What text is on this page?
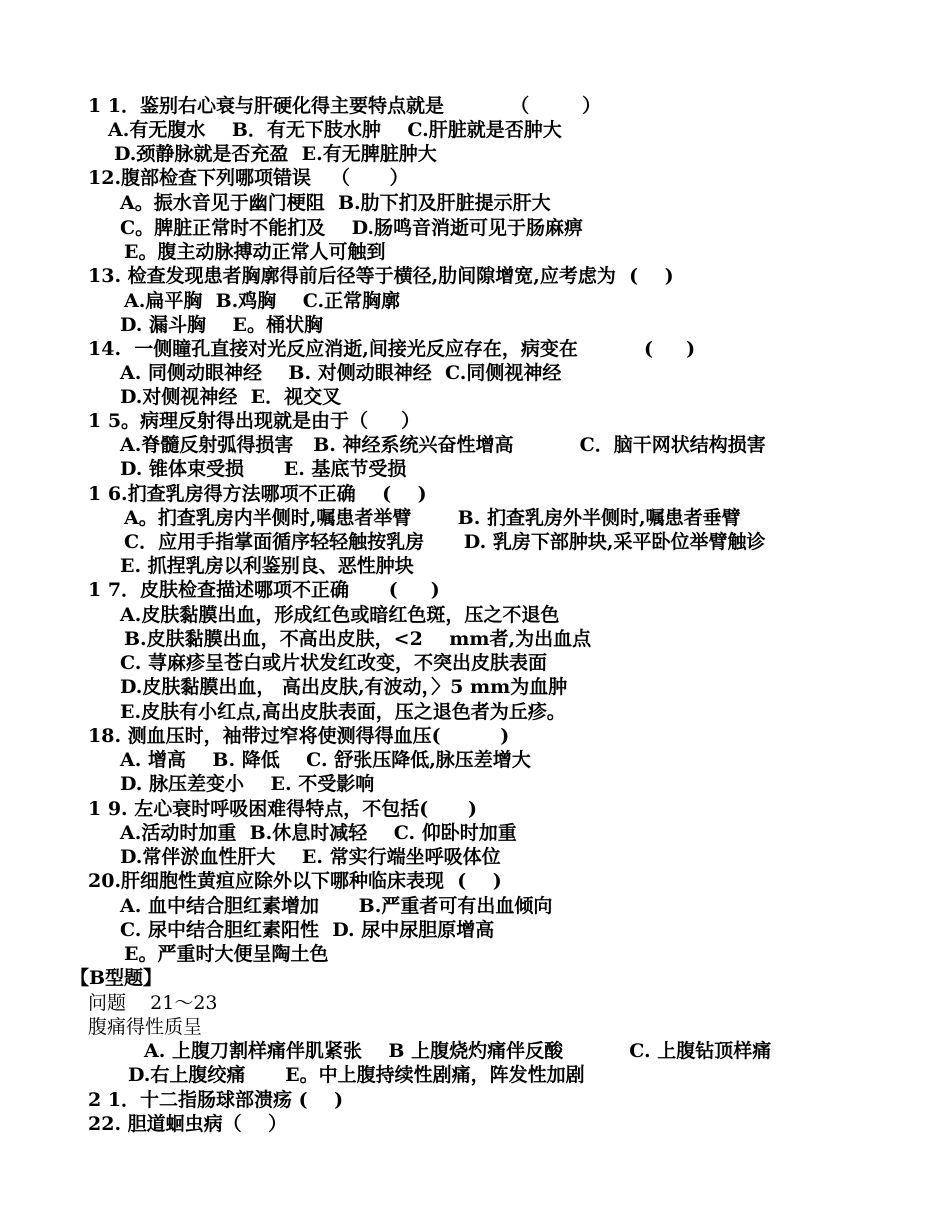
1 1．鉴别右心衰与肝硬化得主要特点就是          （        ）
A.有无腹水    B．有无下肢水肿    C.肝脏就是否肿大
D.颈静脉就是否充盈  E.有无脾脏肿大
12.腹部检查下列哪项错误   （      ）
A。振水音见于幽门梗阻  B.肋下扪及肝脏提示肝大
C。脾脏正常时不能扪及    D.肠鸣音消逝可见于肠麻痹
E。腹主动脉搏动正常人可触到
13. 检查发现患者胸廓得前后径等于横径,肋间隙增宽,应考虑为  (    )
A.扁平胸  B.鸡胸    C.正常胸廓
D. 漏斗胸    E。桶状胸
14.  一侧瞳孔直接对光反应消逝,间接光反应存在，病变在          (     )
A. 同侧动眼神经    B. 对侧动眼神经  C.同侧视神经
D.对侧视神经  E．视交叉
1 5。病理反射得出现就是由于（     ）
A.脊髓反射弧得损害   B. 神经系统兴奋性增高          C．脑干网状结构损害
D. 锥体束受损      E. 基底节受损
1 6.扪查乳房得方法哪项不正确    (    )
A。扪查乳房内半侧时,嘱患者举臂       B. 扪查乳房外半侧时,嘱患者垂臂
C．应用手指掌面循序轻轻触按乳房      D. 乳房下部肿块,采平卧位举臂触诊
E. 抓捏乳房以利鉴别良、恶性肿块
1 7．皮肤检查描述哪项不正确      (     )
A.皮肤黏膜出血，形成红色或暗红色斑，压之不退色
B.皮肤黏膜出血，不高出皮肤，<2    mm者,为出血点
C. 荨麻疹呈苍白或片状发红改变，不突出皮肤表面
D.皮肤黏膜出血， 高出皮肤,有波动，〉5 mm为血肿
E.皮肤有小红点,高出皮肤表面，压之退色者为丘疹。
18. 测血压时，袖带过窄将使测得得血压(         )
A. 增高    B. 降低    C. 舒张压降低,脉压差增大
D. 脉压差变小    E. 不受影响
1 9. 左心衰时呼吸困难得特点，不包括(      )
A.活动时加重  B.休息时减轻    C. 仰卧时加重
D.常伴淤血性肝大    E. 常实行端坐呼吸体位
20.肝细胞性黄疸应除外以下哪种临床表现  (    )
A. 血中结合胆红素增加      B.严重者可有出血倾向
C. 尿中结合胆红素阳性  D. 尿中尿胆原增高
E。严重时大便呈陶土色
【B型题】
问题    21～23
腹痛得性质呈
A. 上腹刀割样痛伴肌紧张    B 上腹烧灼痛伴反酸          C. 上腹钻顶样痛
D.右上腹绞痛      E。中上腹持续性剧痛，阵发性加剧
2 1．十二指肠球部溃疡 (    )
22. 胆道蛔虫病（    ）
